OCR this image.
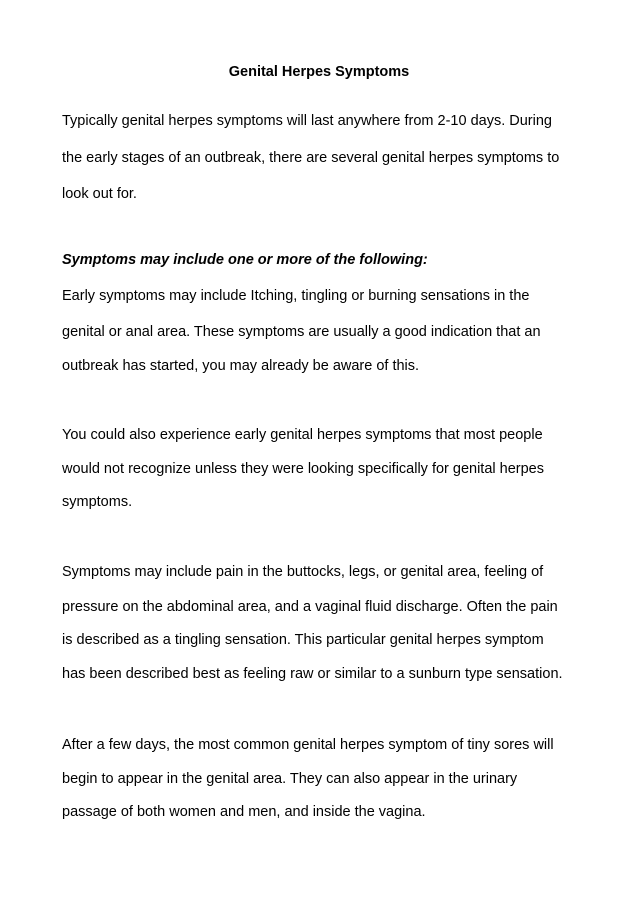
Genital Herpes Symptoms

Typically genital herpes symptoms will last anywhere from 2-10 days. During

the early stages of an outbreak, there are several genital herpes symptoms to

look out for.

Symptoms may include one or more of the following:

Early symptoms may include Itching, tingling or burning sensations in the

genital or anal area. These symptoms are usually a good indication that an

outbreak has started, you may already be aware of this.

You could also experience early genital herpes symptoms that most people

would not recognize unless they were looking specifically for genital herpes

symptoms.

Symptoms may include pain in the buttocks, legs, or genital area, feeling of

pressure on the abdominal area, and a vaginal fluid discharge. Often the pain

is described as a tingling sensation. This particular genital herpes symptom

has been described best as feeling raw or similar to a sunburn type sensation.

After a few days, the most common genital herpes symptom of tiny sores will

begin to appear in the genital area. They can also appear in the urinary

passage of both women and men, and inside the vagina.
